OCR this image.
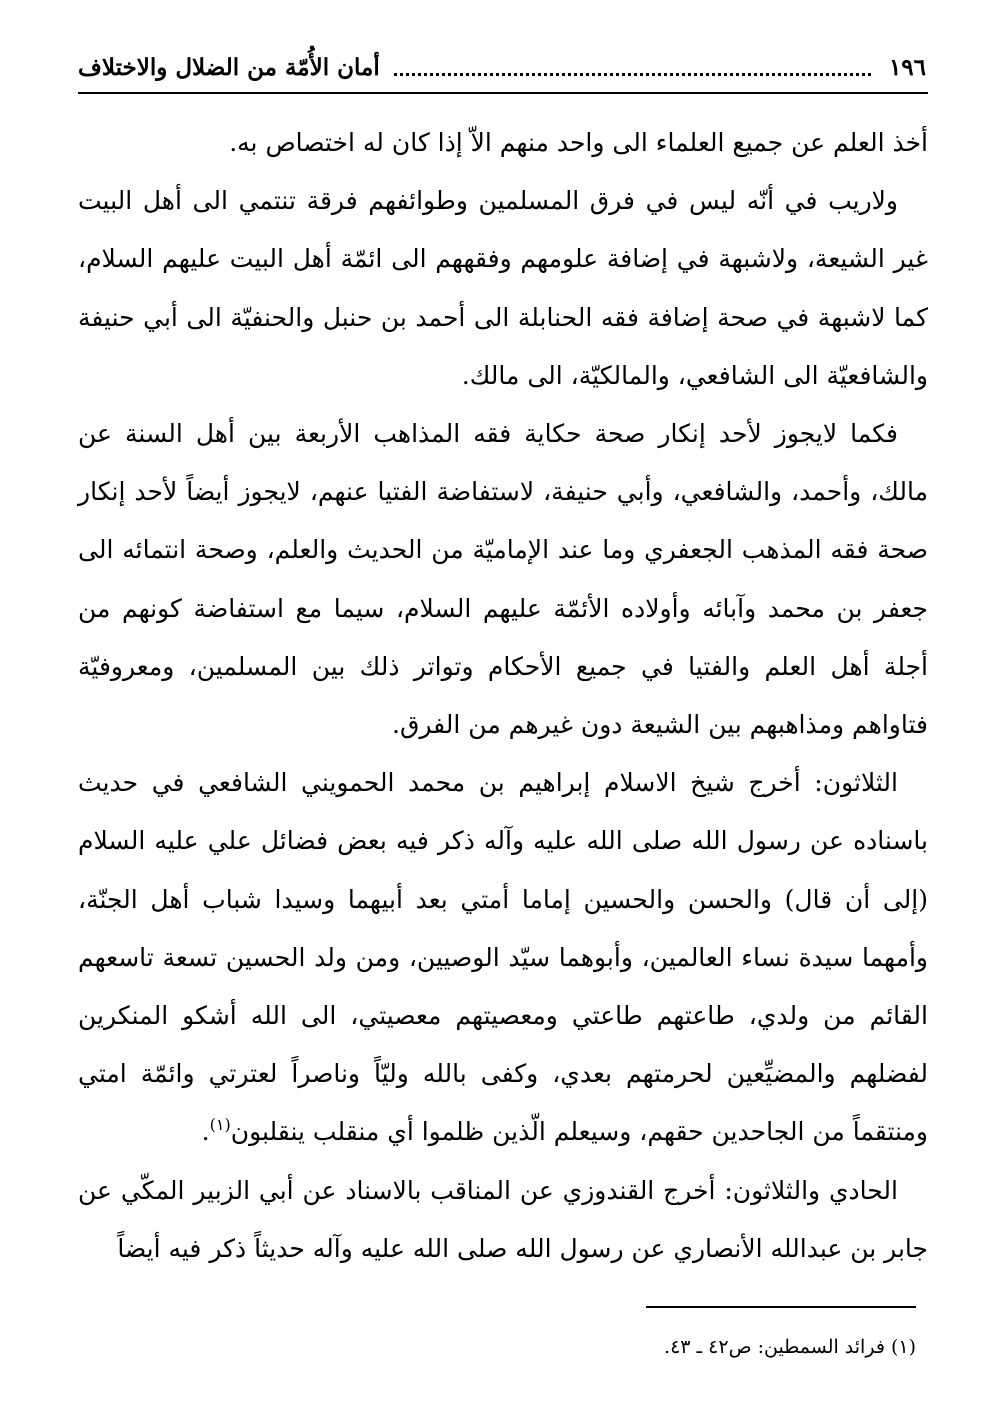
١٩٦
أمان الأُمّة من الضلال والاختلاف

أخذ العلم عن جميع العلماء الى واحد منهم الاّ إذا كان له اختصاص به.

ولاريب في أنّه ليس في فرق المسلمين وطوائفهم فرقة تنتمي الى أهل البيت غير الشيعة، ولاشبهة في إضافة علومهم وفقههم الى ائمّة أهل البيت عليهم السلام، كما لاشبهة في صحة إضافة فقه الحنابلة الى أحمد بن حنبل والحنفيّة الى أبي حنيفة والشافعيّة الى الشافعي، والمالكيّة، الى مالك.

فكما لايجوز لأحد إنكار صحة حكاية فقه المذاهب الأربعة بين أهل السنة عن مالك، وأحمد، والشافعي، وأبي حنيفة، لاستفاضة الفتيا عنهم، لايجوز أيضاً لأحد إنكار صحة فقه المذهب الجعفري وما عند الإماميّة من الحديث والعلم، وصحة انتمائه الى جعفر بن محمد وآبائه وأولاده الأئمّة عليهم السلام، سيما مع استفاضة كونهم من أجلة أهل العلم والفتيا في جميع الأحكام وتواتر ذلك بين المسلمين، ومعروفيّة فتاواهم ومذاهبهم بين الشيعة دون غيرهم من الفرق.

الثلاثون: أخرج شيخ الاسلام إبراهيم بن محمد الحمويني الشافعي في حديث باسناده عن رسول الله صلى الله عليه وآله ذكر فيه بعض فضائل علي عليه السلام (إلى أن قال) والحسن والحسين إماما أمتي بعد أبيهما وسيدا شباب أهل الجنّة، وأمهما سيدة نساء العالمين، وأبوهما سيّد الوصيين، ومن ولد الحسين تسعة تاسعهم القائم من ولدي، طاعتهم طاعتي ومعصيتهم معصيتي، الى الله أشكو المنكرين لفضلهم والمضيِّعين لحرمتهم بعدي، وكفى بالله وليّاً وناصراً لعترتي وائمّة امتي ومنتقماً من الجاحدين حقهم، وسيعلم الّذين ظلموا أي منقلب ينقلبون$^{(١)}$.

الحادي والثلاثون: أخرج القندوزي عن المناقب بالاسناد عن أبي الزبير المكّي عن جابر بن عبدالله الأنصاري عن رسول الله صلى الله عليه وآله حديثاً ذكر فيه أيضاً

(١) فرائد السمطين: ص٤٢ ـ ٤٣.
